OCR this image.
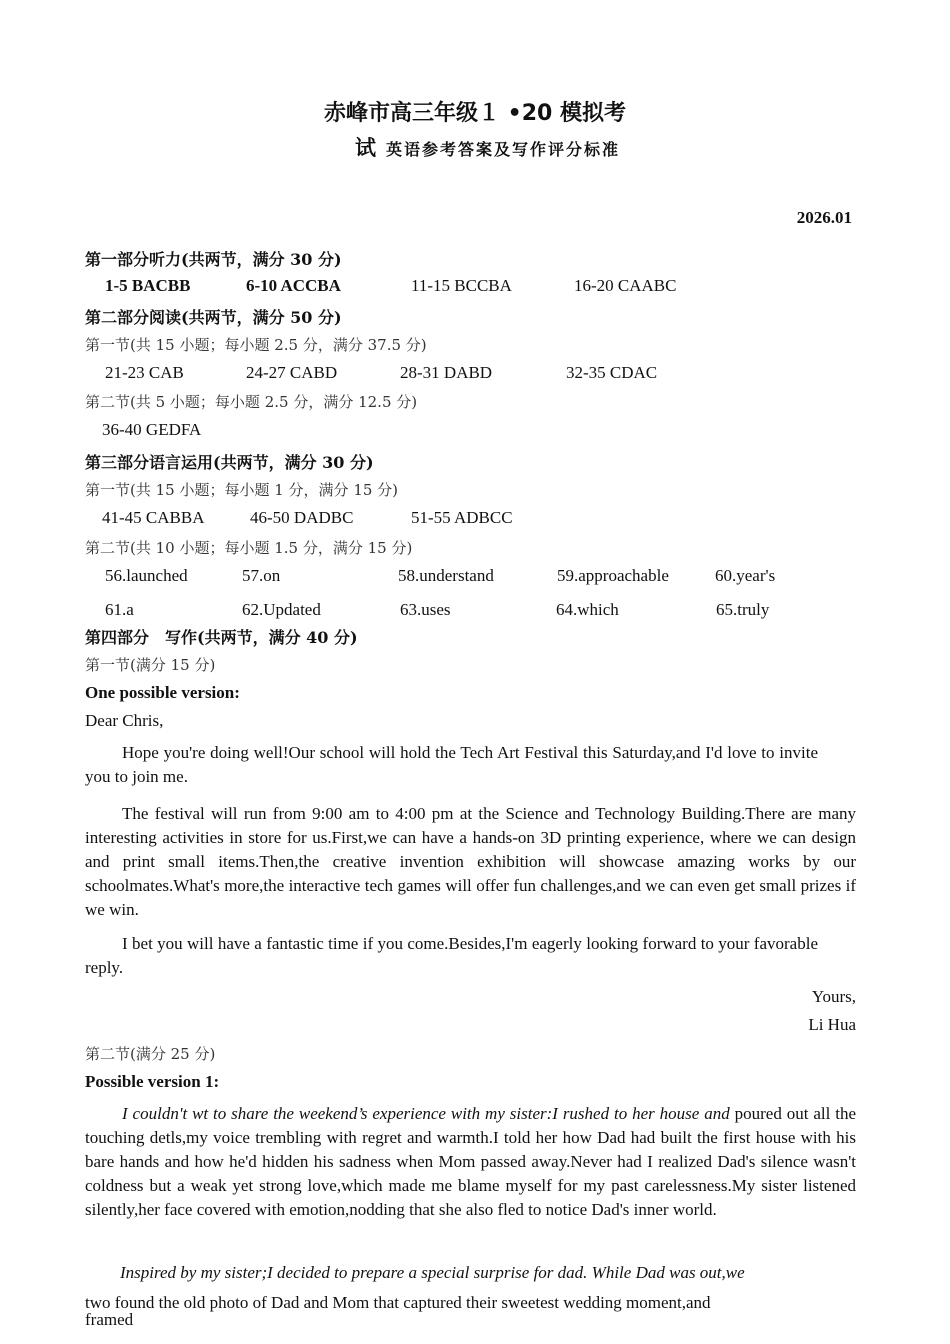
赤峰市高三年级１ •20 模拟考
试 英语参考答案及写作评分标准
2026.01
第一部分听力(共两节，满分 30 分)
1-5 BACBB	6-10 ACCBA	11-15 BCCBA	16-20 CAABC
第二部分阅读(共两节，满分 50 分)
第一节(共 15 小题；每小题 2.5 分，满分 37.5 分)
21-23 CAB	24-27 CABD	28-31 DABD	32-35 CDAC
第二节(共 5 小题；每小题 2.5 分，满分 12.5 分)
36-40 GEDFA
第三部分语言运用(共两节，满分 30 分)
第一节(共 15 小题；每小题 1 分，满分 15 分)
41-45 CABBA	46-50 DADBC	51-55 ADBCC
第二节(共 10 小题；每小题 1.5 分，满分 15 分)
56.launched	57.on	58.understand	59.approachable	60.year's
61.a	62.Updated	63.uses	64.which	65.truly
第四部分　写作(共两节，满分 40 分)
第一节(满分 15 分)
One possible version:
Dear Chris,
Hope you're doing well!Our school will hold the Tech Art Festival this Saturday,and I'd love to invite you to join me.
The festival will run from 9:00 am to 4:00 pm at the Science and Technology Building.There are many interesting activities in store for us.First,we can have a hands-on 3D printing experience, where we can design and print small items.Then,the creative invention exhibition will showcase amazing works by our schoolmates.What's more,the interactive tech games will offer fun challenges,and we can even get small prizes if we win.
I bet you will have a fantastic time if you come.Besides,I'm eagerly looking forward to your favorable reply.
Yours,
Li Hua
第二节(满分 25 分)
Possible version 1:
I couldn't wt to share the weekend’s experience with my sister:I rushed to her house and poured out all the touching detls,my voice trembling with regret and warmth.I told her how Dad had built the first house with his bare hands and how he'd hidden his sadness when Mom passed away.Never had I realized Dad's silence wasn't coldness but a weak yet strong love,which made me blame myself for my past carelessness.My sister listened silently,her face covered with emotion,nodding that she also fled to notice Dad's inner world.
Inspired by my sister;I decided to prepare a special surprise for dad. While Dad was out,we
two found the old photo of Dad and Mom that captured their sweetest wedding moment,and
framed
